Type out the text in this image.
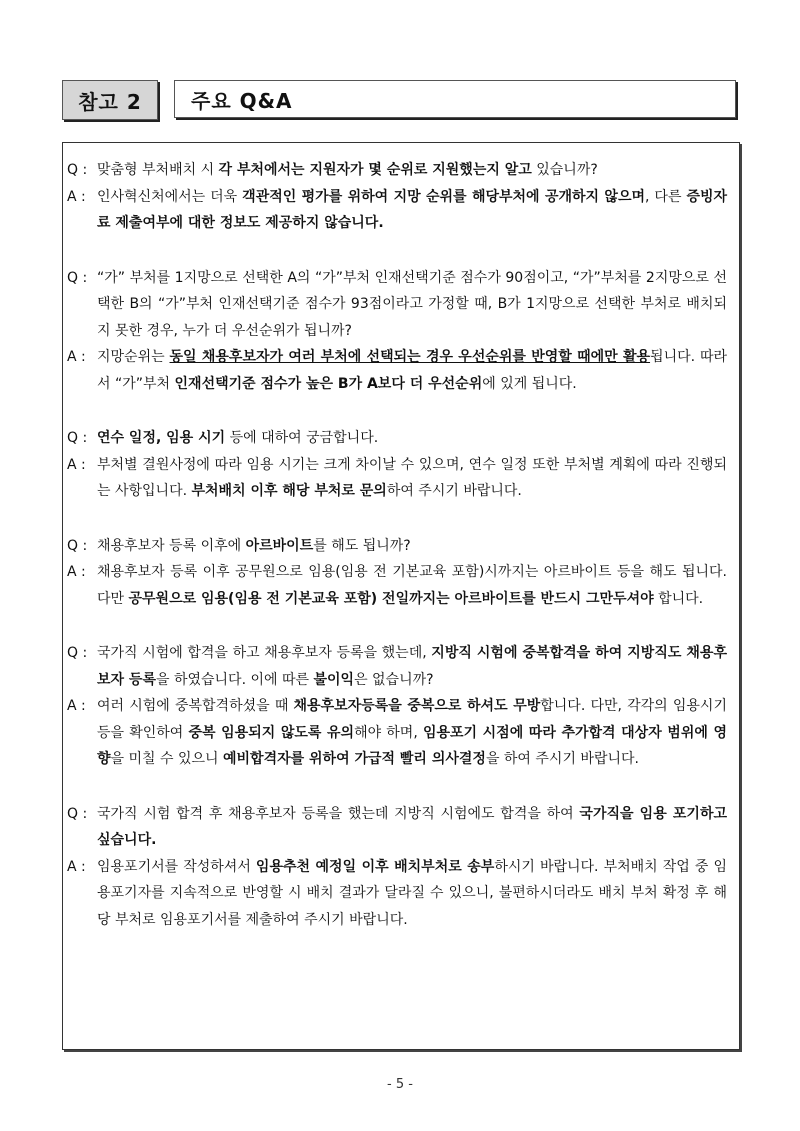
참고 2	주요 Q&A
Q : 맞춤형 부처배치 시 각 부처에서는 지원자가 몇 순위로 지원했는지 알고 있습니까?
A : 인사혁신처에서는 더욱 객관적인 평가를 위하여 지망 순위를 해당부처에 공개하지 않으며, 다른 증빙자료 제출여부에 대한 정보도 제공하지 않습니다.
Q : “가” 부처를 1지망으로 선택한 A의 “가”부처 인재선택기준 점수가 90점이고, “가”부처를 2지망으로 선택한 B의 “가”부처 인재선택기준 점수가 93점이라고 가정할 때, B가 1지망으로 선택한 부처로 배치되지 못한 경우, 누가 더 우선순위가 됩니까?
A : 지망순위는 동일 채용후보자가 여러 부처에 선택되는 경우 우선순위를 반영할 때에만 활용됩니다. 따라서 “가”부처 인재선택기준 점수가 높은 B가 A보다 더 우선순위에 있게 됩니다.
Q : 연수 일정, 임용 시기 등에 대하여 궁금합니다.
A : 부처별 결원사정에 따라 임용 시기는 크게 차이날 수 있으며, 연수 일정 또한 부처별 계획에 따라 진행되는 사항입니다. 부처배치 이후 해당 부처로 문의하여 주시기 바랍니다.
Q : 채용후보자 등록 이후에 아르바이트를 해도 됩니까?
A : 채용후보자 등록 이후 공무원으로 임용(임용 전 기본교육 포함)시까지는 아르바이트 등을 해도 됩니다. 다만 공무원으로 임용(임용 전 기본교육 포함) 전일까지는 아르바이트를 반드시 그만두셔야 합니다.
Q : 국가직 시험에 합격을 하고 채용후보자 등록을 했는데, 지방직 시험에 중복합격을 하여 지방직도 채용후보자 등록을 하였습니다. 이에 따른 불이익은 없습니까?
A : 여러 시험에 중복합격하셨을 때 채용후보자등록을 중복으로 하셔도 무방합니다. 다만, 각각의 임용시기 등을 확인하여 중복 임용되지 않도록 유의해야 하며, 임용포기 시점에 따라 추가합격 대상자 범위에 영향을 미칠 수 있으니 예비합격자를 위하여 가급적 빨리 의사결정을 하여 주시기 바랍니다.
Q : 국가직 시험 합격 후 채용후보자 등록을 했는데 지방직 시험에도 합격을 하여 국가직을 임용 포기하고 싶습니다.
A : 임용포기서를 작성하셔서 임용추천 예정일 이후 배치부처로 송부하시기 바랍니다. 부처배치 작업 중 임용포기자를 지속적으로 반영할 시 배치 결과가 달라질 수 있으니, 불편하시더라도 배치 부처 확정 후 해당 부처로 임용포기서를 제출하여 주시기 바랍니다.
- 5 -
